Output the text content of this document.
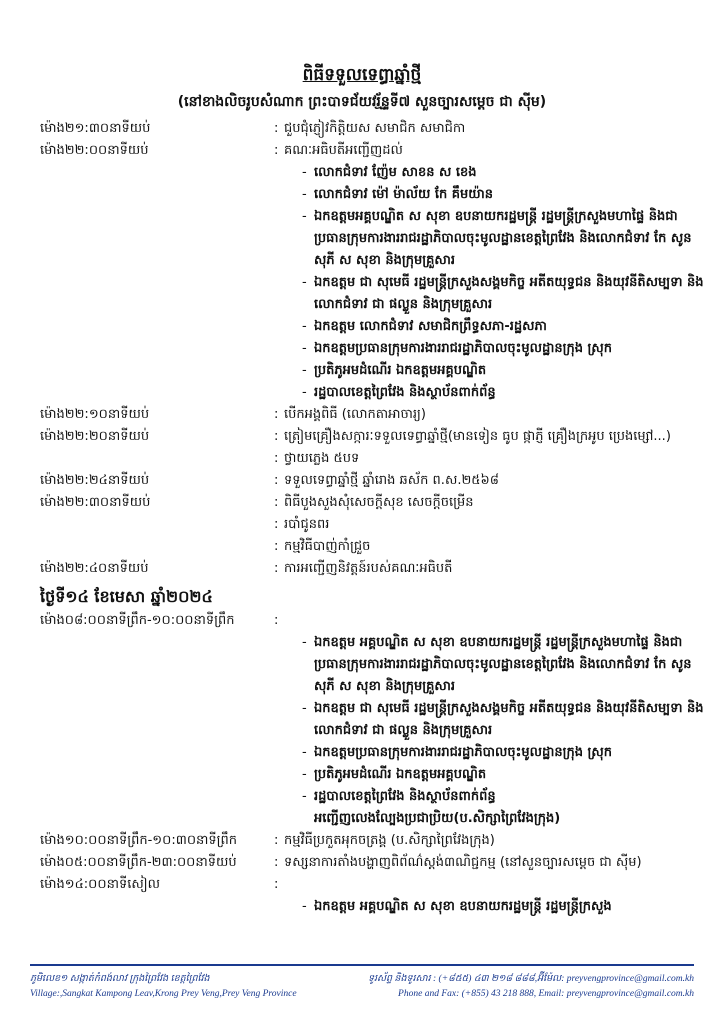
ពិធីទទួលទេព្ធាឆ្នាំថ្មី
(នៅខាងលិចរូបសំណាក ព្រះបាទជ័យវរ្ម័ន្ទទី៧ សួនច្បារសម្ដេច ជា ស៊ីម)
ម៉ោង២១:៣០នាទីយប់	: ជួបជុំភ្ញៀវកិត្តិយស សមាជិក សមាជិកា
ម៉ោង២២:០០នាទីយប់	: គណៈអធិបតីអញ្ជើញដល់
- លោកជំទាវ ញ៉ែម សាខន ស ខេង
- លោកជំទាវ ម៉ៅ ម៉ាល័យ កែ គឹមយ៉ាន
- ឯកឧត្តមអគ្គបណ្ឌិត ស សុខា ឧបនាយករដ្ឋមន្ត្រី រដ្ឋមន្ត្រីក្រសួងមហាផ្ទៃ និងជាប្រធានក្រុមការងាររាជរដ្ឋាភិបាលចុះមូលដ្ឋានខេត្តព្រៃវែង និងលោកជំទាវ កែ សូនសុភី ស សុខា និងក្រុមគ្រួសារ
- ឯកឧត្តម ជា សុមេធី រដ្ឋមន្ត្រីក្រសួងសង្គមកិច្ច អតីតយុទ្ធជន និងយុវនីតិសម្បទា និងលោកជំទាវ ជា ផល្លួន និងក្រុមគ្រួសារ
- ឯកឧត្តម លោកជំទាវ សមាជិកព្រឹទ្ធសភា-រដ្ឋសភា
- ឯកឧត្តមប្រធានក្រុមការងាររាជរដ្ឋាភិបាលចុះមូលដ្ឋានក្រុង ស្រុក
- ប្រតិភូអមដំណើរ ឯកឧត្តមអគ្គបណ្ឌិត
- រដ្ឋបាលខេត្តព្រៃវែង និងស្ថាប័នពាក់ព័ន្ធ
ម៉ោង២២:១០នាទីយប់	: បើកអង្គពិធី (លោកតាអាចារ្យ)
ម៉ោង២២:២០នាទីយប់	: ត្រៀមគ្រឿងសក្ការៈទទួលទេព្ធាឆ្នាំថ្មី(មានទៀន ធូប ផ្កាភ្ញី គ្រឿងក្រអូប ប្រេងម្សៅ...)
: ថ្វាយភ្លេង ៥បទ
ម៉ោង២២:២៤នាទីយប់	: ទទួលទេព្ធាឆ្នាំថ្មី ឆ្នាំរោង ឆស័ក ព.ស.២៥៦៨
ម៉ោង២២:៣០នាទីយប់	: ពិធីបួងសួងសុំសេចក្ដីសុខ សេចក្ដីចម្រើន
: របាំជូនពរ
: កម្មវិធីបាញ់កាំជ្រួច
ម៉ោង២២:៤០នាទីយប់	: ការអញ្ជើញនិវត្តន៍របស់គណៈអធិបតី
ថ្ងៃទី១៤ ខែមេសា ឆ្នាំ២០២៤
ម៉ោង០៨:០០នាទីព្រឹក-១០:០០នាទីព្រឹក	:
- ឯកឧត្តម អគ្គបណ្ឌិត ស សុខា ឧបនាយករដ្ឋមន្ត្រី រដ្ឋមន្ត្រីក្រសួងមហាផ្ទៃ និងជាប្រធានក្រុមការងាររាជរដ្ឋាភិបាលចុះមូលដ្ឋានខេត្តព្រៃវែង និងលោកជំទាវ កែ សូនសុភី ស សុខា និងក្រុមគ្រួសារ
- ឯកឧត្តម ជា សុមេធី រដ្ឋមន្ត្រីក្រសួងសង្គមកិច្ច អតីតយុទ្ធជន និងយុវនីតិសម្បទា និងលោកជំទាវ ជា ផល្លួន និងក្រុមគ្រួសារ
- ឯកឧត្តមប្រធានក្រុមការងាររាជរដ្ឋាភិបាលចុះមូលដ្ឋានក្រុង ស្រុក
- ប្រតិភូអមដំណើរ ឯកឧត្តមអគ្គបណ្ឌិត
- រដ្ឋបាលខេត្តព្រៃវែង និងស្ថាប័នពាក់ព័ន្ធ
អញ្ជើញលេងល្បែងប្រជាប្រិយ(ប.សិក្សាព្រៃវែងក្រុង)
ម៉ោង១០:០០នាទីព្រឹក-១០:៣០នាទីព្រឹក	: កម្មវិធីប្រកួតអុកចត្រង្គ (ប.សិក្សាព្រៃវែងក្រុង)
ម៉ោង០៥:០០នាទីព្រឹក-២៣:០០នាទីយប់	: ទស្សនាការតាំងបង្ហាញពិព័ណ៌ស្ដង់៣ណិជ្ជកម្ម (នៅសួនច្បារសម្ដេច ជា ស៊ីម)
ម៉ោង១៤:០០នាទីសៀល	:
- ឯកឧត្តម អគ្គបណ្ឌិត ស សុខា ឧបនាយករដ្ឋមន្ត្រី រដ្ឋមន្ត្រីក្រសួង
ភូមិលេខ១ សង្កាត់កំពង់លាវ ក្រុងព្រៃវែង ខេត្តព្រៃវែង
Village:,Sangkat Kampong Leav,Krong Prey Veng,Prey Veng Province
ទូរស័ព្ទ និងទូរសារ : (+៨៥៥) ៤៣ ២១៨ ៨៨៨,អ៊ីម៉ែល: preyvengprovince@gmail.com.kh
Phone and Fax: (+855) 43 218 888, Email: preyvengprovince@gmail.com.kh
